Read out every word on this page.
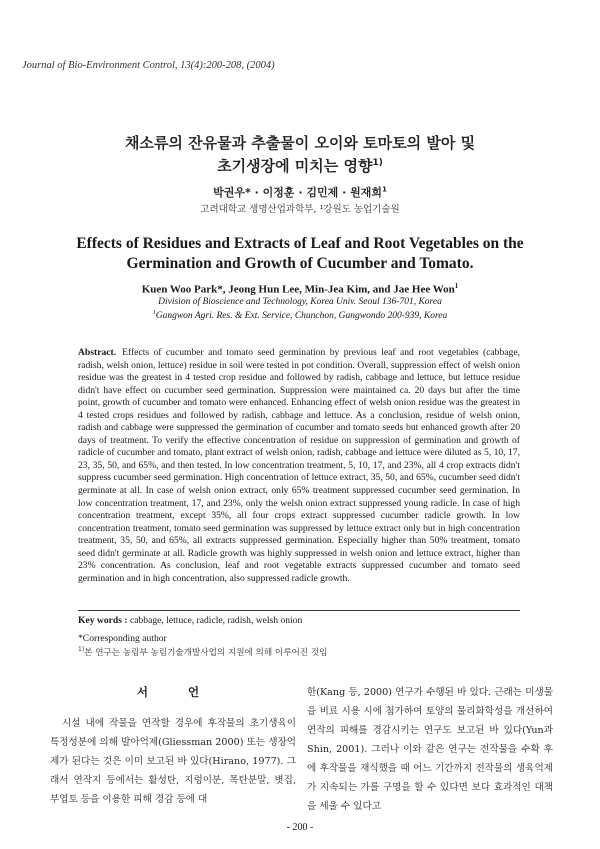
Journal of Bio-Environment Control, 13(4):200-208, (2004)
채소류의 잔유물과 추출물이 오이와 토마토의 발아 및
초기생장에 미치는 영향$^{1)}$
박권우* · 이정훈 · 김민제 · 원재희$^1$
고려대학교 생명산업과학부, ¹강원도 농업기술원
Effects of Residues and Extracts of Leaf and Root Vegetables on the
Germination and Growth of Cucumber and Tomato.
Kuen Woo Park*, Jeong Hun Lee, Min-Jea Kim, and Jae Hee Won$^1$
Division of Bioscience and Technology, Korea Univ. Seoul 136-701, Korea
$^1$Gangwon Agri. Res. & Ext. Service, Chunchon, Gangwondo 200-939, Korea
Abstract. Effects of cucumber and tomato seed germination by previous leaf and root vegetables (cabbage, radish, welsh onion, lettuce) residue in soil were tested in pot condition. Overall, suppression effect of welsh onion residue was the greatest in 4 tested crop residue and followed by radish, cabbage and lettuce, but lettuce residue didn't have effect on cucumber seed germination. Suppression were maintained ca. 20 days but after the time point, growth of cucumber and tomato were enhanced. Enhancing effect of welsh onion residue was the greatest in 4 tested crops residues and followed by radish, cabbage and lettuce. As a conclusion, residue of welsh onion, radish and cabbage were suppressed the germination of cucumber and tomato seeds but enhanced growth after 20 days of treatment. To verify the effective concentration of residue on suppression of germination and growth of radicle of cucumber and tomato, plant extract of welsh onion, radish, cabbage and lettuce were diluted as 5, 10, 17, 23, 35, 50, and 65%, and then tested. In low concentration treatment, 5, 10, 17, and 23%, all 4 crop extracts didn't suppress cucumber seed germination. High concentration of lettuce extract, 35, 50, and 65%, cucumber seed didn't germinate at all. In case of welsh onion extract, only 65% treatment suppressed cucumber seed germination. In low concentration treatment, 17, and 23%, only the welsh onion extract suppressed young radicle. In case of high concentration treatment, except 35%, all four crops extract suppressed cucumber radicle growth. In low concentration treatment, tomato seed germination was suppressed by lettuce extract only but in high concentration treatment, 35, 50, and 65%, all extracts suppressed germination. Especially higher than 50% treatment, tomato seed didn't germinate at all. Radicle growth was highly suppressed in welsh onion and lettuce extract, higher than 23% concentration. As conclusion, leaf and root vegetable extracts suppressed cucumber and tomato seed germination and in high concentration, also suppressed radicle growth.
Key words : cabbage, lettuce, radicle, radish, welsh onion
*Corresponding author
$^{1)}$본 연구는 농림부 농림기술개발사업의 지원에 의해 이루어진 것임
서 언
시설 내에 작물을 연작할 경우에 후작물의 초기생육이 특정성분에 의해 발아억제(Gliessman 2000) 또는 생장억제가 된다는 것은 이미 보고된 바 있다(Hirano, 1977). 그래서 연작지 등에서는 활성탄, 지렁이분, 목탄분말, 볏집, 부엽토 등을 이용한 피해 경감 등에 대
한(Kang 등, 2000) 연구가 수행된 바 있다. 근래는 미생물을 비료 시용 시에 첨가하여 토양의 물리화학성을 개선하여 연작의 피해를 경감시키는 연구도 보고된 바 있다(Yun과 Shin, 2001). 그러나 이와 같은 연구는 전작물을 수확 후에 후작물을 재식했을 때 어느 기간까지 전작물의 생육억제가 지속되는 가를 구명을 할 수 있다면 보다 효과적인 대책을 세울 수 있다고
- 200 -
